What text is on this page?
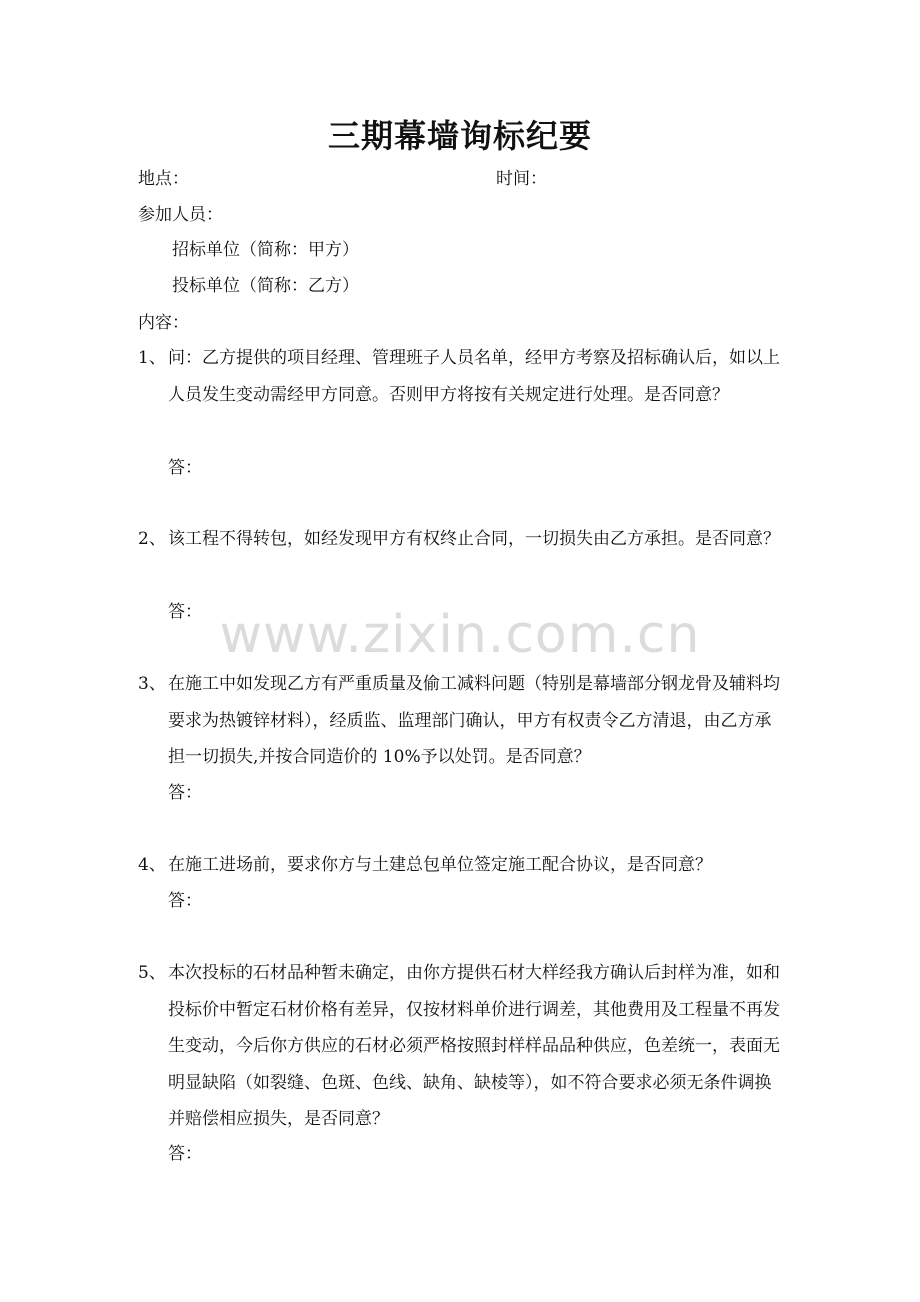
三期幕墙询标纪要
地点：	时间：
参加人员：
招标单位（简称：甲方）
投标单位（简称：乙方）
内容：
1、 问：乙方提供的项目经理、管理班子人员名单，经甲方考察及招标确认后，如以上人员发生变动需经甲方同意。否则甲方将按有关规定进行处理。是否同意？
答：
2、 该工程不得转包，如经发现甲方有权终止合同，一切损失由乙方承担。是否同意？
答： www.zixin.com.cn
3、 在施工中如发现乙方有严重质量及偷工减料问题（特别是幕墙部分钢龙骨及辅料均要求为热镀锌材料），经质监、监理部门确认，甲方有权责令乙方清退，由乙方承担一切损失,并按合同造价的 10%予以处罚。是否同意？
答：
4、 在施工进场前，要求你方与土建总包单位签定施工配合协议，是否同意？
答：
5、 本次投标的石材品种暂未确定，由你方提供石材大样经我方确认后封样为准，如和投标价中暂定石材价格有差异，仅按材料单价进行调差，其他费用及工程量不再发生变动，今后你方供应的石材必须严格按照封样样品品种供应，色差统一，表面无明显缺陷（如裂缝、色斑、色线、缺角、缺棱等），如不符合要求必须无条件调换并赔偿相应损失，是否同意？
答：
